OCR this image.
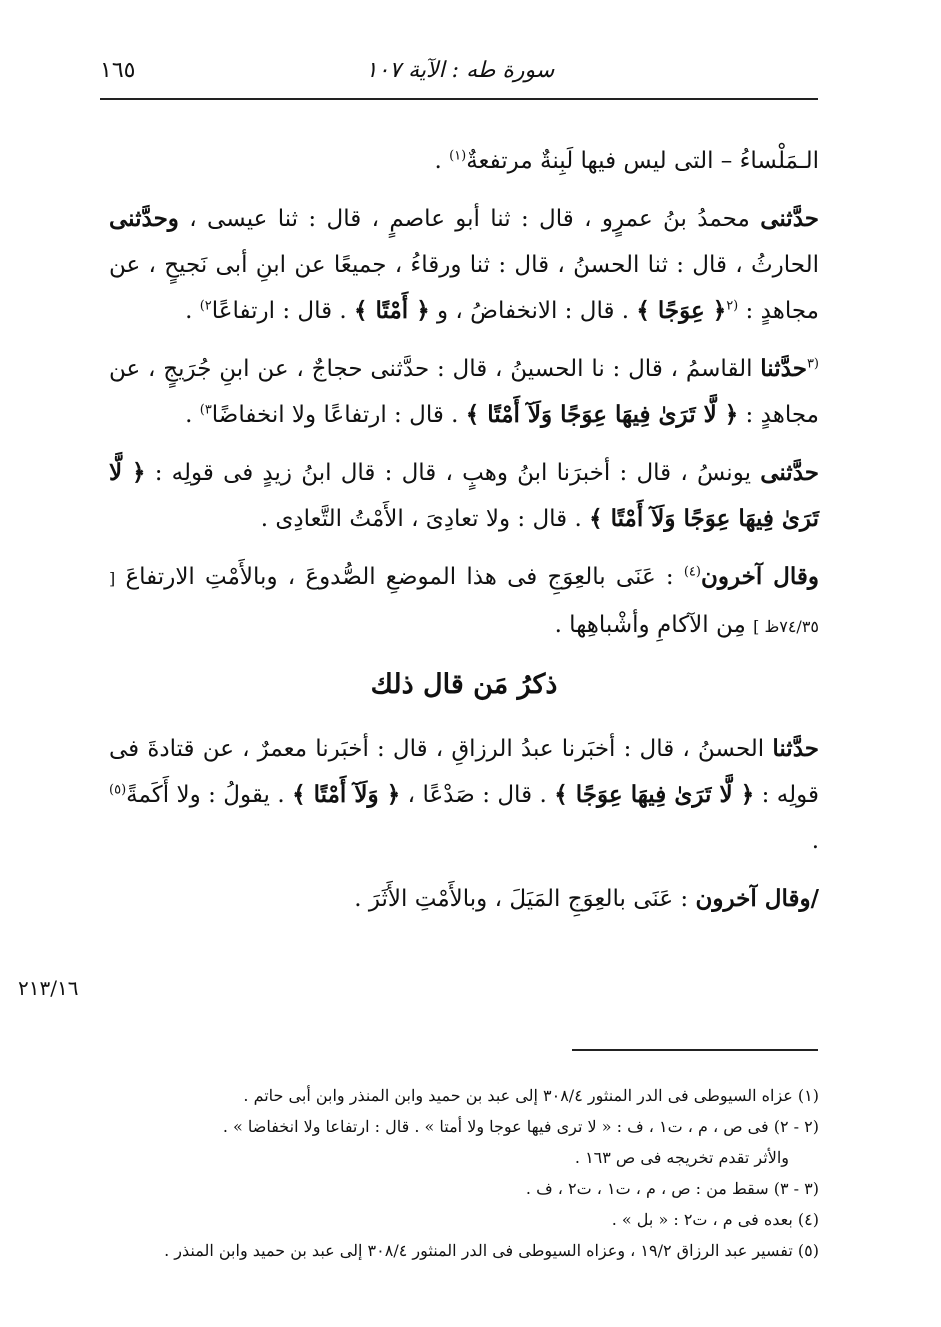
سورة طه : الآية ١٠٧
١٦٥

الـمَلْساءُ – التى ليس فيها لَبِنةٌ مرتفعةٌ$^{(١)}$ .

حدَّثنى محمدُ بنُ عمرٍو ، قال : ثنا أبو عاصمٍ ، قال : ثنا عيسى ، وحدَّثنى الحارثُ ، قال : ثنا الحسنُ ، قال : ثنا ورقاءُ ، جميعًا عن ابنِ أبى نَجيحٍ ، عن مجاهدٍ : $^{(٢}$﴿ عِوَجًا ﴾ . قال : الانخفاضُ ، و ﴿ أَمْتًا ﴾ . قال : ارتفاعًا$^{٢)}$ .

$^{(٣}$حدَّثنا القاسمُ ، قال : نا الحسينُ ، قال : حدَّثنى حجاجٌ ، عن ابنِ جُرَيجٍ ، عن مجاهدٍ : ﴿ لَّا تَرَىٰ فِيهَا عِوَجًا وَلَآ أَمْتًا ﴾ . قال : ارتفاعًا ولا انخفاضًا$^{٣)}$ .

حدَّثنى يونسُ ، قال : أخبرَنا ابنُ وهبٍ ، قال : قال ابنُ زيدٍ فى قولِه : ﴿ لَّا تَرَىٰ فِيهَا عِوَجًا وَلَآ أَمْتًا ﴾ . قال : ولا تعادِىَ ، الأَمْتُ التَّعادِى .

وقال آخرون$^{(٤)}$ : عَنَى بالعِوَجِ فى هذا الموضعِ الصُّدوعَ ، وبالأَمْتِ الارتفاعَ [ ٧٤/٣٥ظ ] مِن الآكامِ وأشْباهِها .

ذكرُ مَن قال ذلك

حدَّثنا الحسنُ ، قال : أخبَرنا عبدُ الرزاقِ ، قال : أخبَرنا معمرٌ ، عن قتادةَ فى قولِه : ﴿ لَّا تَرَىٰ فِيهَا عِوَجًا ﴾ . قال : صَدْعًا ، ﴿ وَلَآ أَمْتًا ﴾ . يقولُ : ولا أَكَمةً$^{(٥)}$ .

/وقال آخرون : عَنَى بالعِوَجِ المَيَلَ ، وبالأَمْتِ الأَثَرَ .

٢١٣/١٦

(١) عزاه السيوطى فى الدر المنثور ٣٠٨/٤ إلى عبد بن حميد وابن المنذر وابن أبى حاتم .

(٢ - ٢) فى ص ، م ، ت١ ، ف : « لا ترى فيها عوجا ولا أمتا » . قال : ارتفاعا ولا انخفاضا » .

والأثر تقدم تخريجه فى ص ١٦٣ .

(٣ - ٣) سقط من : ص ، م ، ت١ ، ت٢ ، ف .

(٤) بعده فى م ، ت٢ : « بل » .

(٥) تفسير عبد الرزاق ١٩/٢ ، وعزاه السيوطى فى الدر المنثور ٣٠٨/٤ إلى عبد بن حميد وابن المنذر .
